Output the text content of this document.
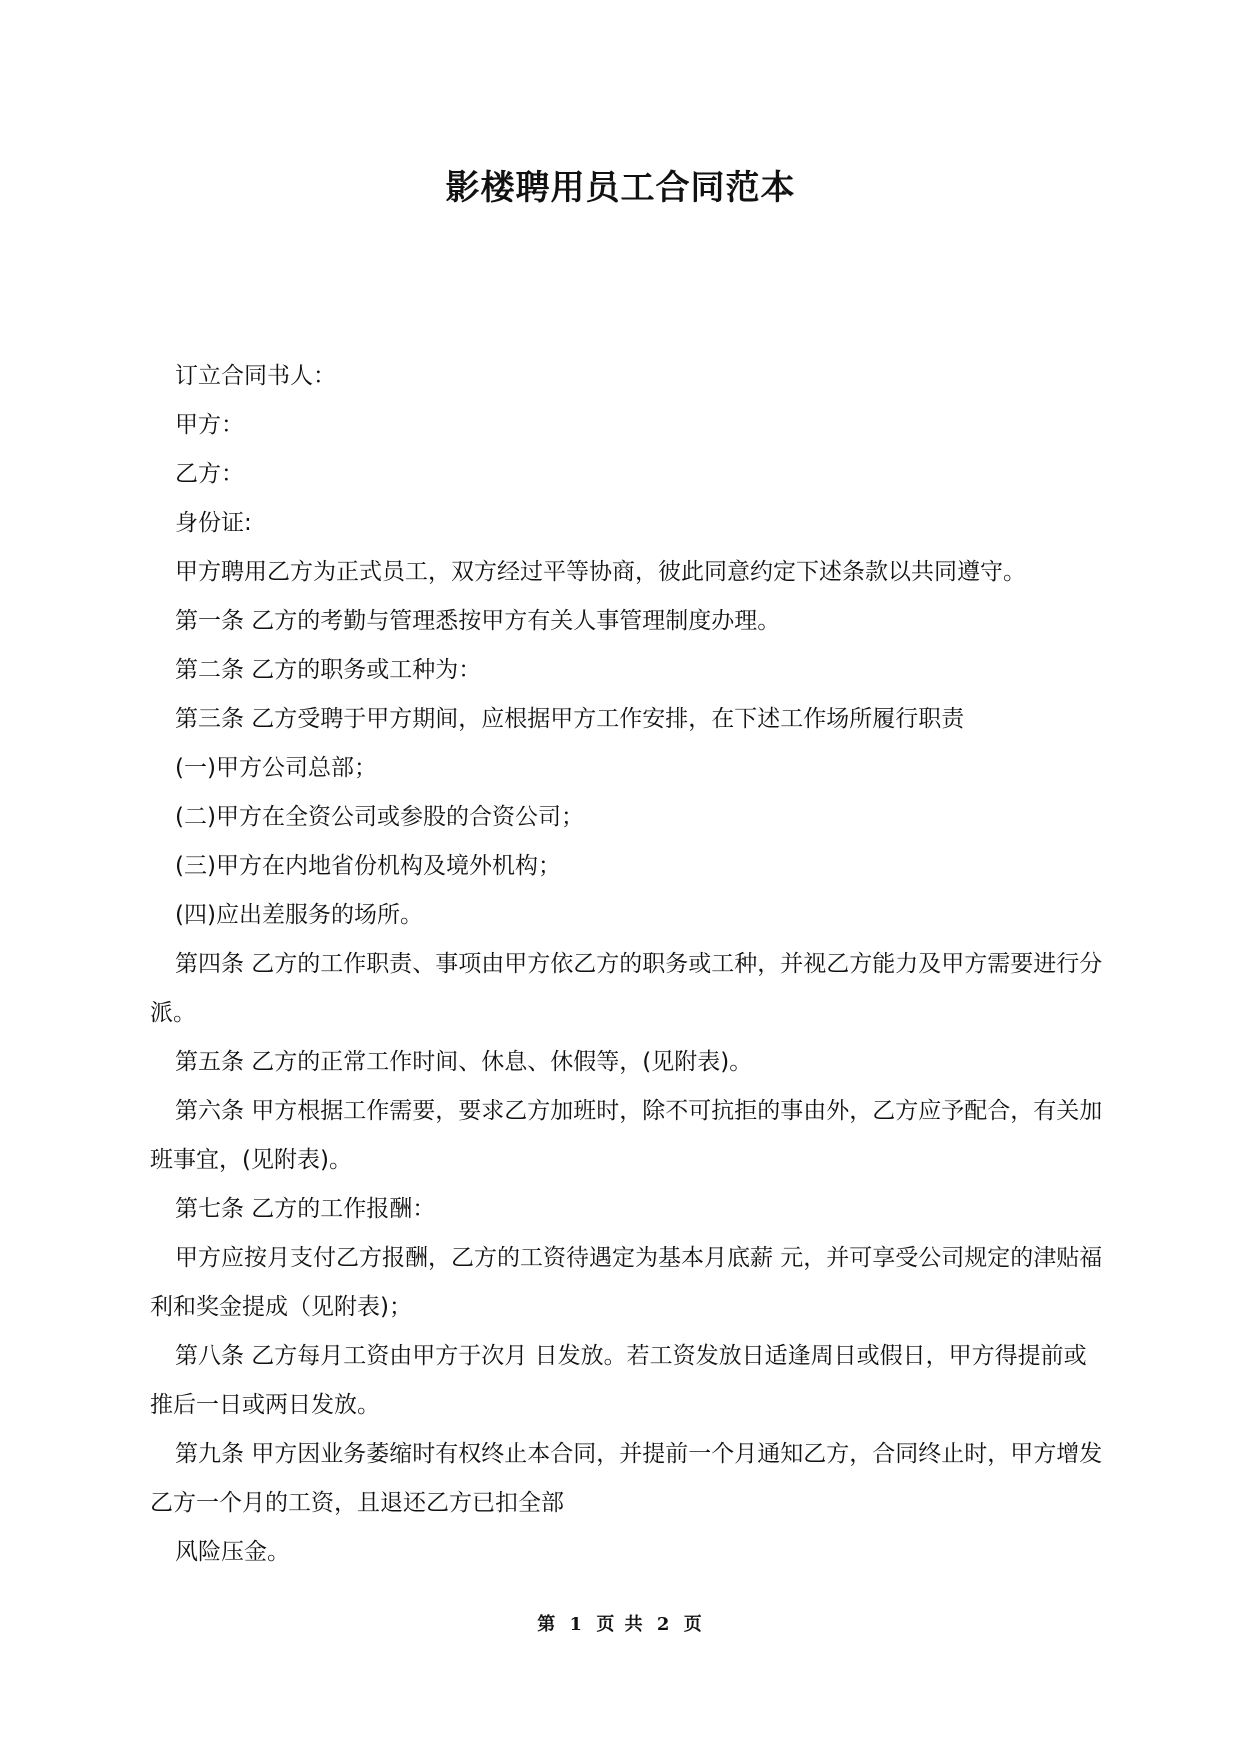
影楼聘用员工合同范本

订立合同书人：

甲方：

乙方：

身份证:

甲方聘用乙方为正式员工，双方经过平等协商，彼此同意约定下述条款以共同遵守。

第一条 乙方的考勤与管理悉按甲方有关人事管理制度办理。

第二条 乙方的职务或工种为：

第三条 乙方受聘于甲方期间，应根据甲方工作安排，在下述工作场所履行职责

(一)甲方公司总部；

(二)甲方在全资公司或参股的合资公司；

(三)甲方在内地省份机构及境外机构；

(四)应出差服务的场所。

第四条 乙方的工作职责、事项由甲方依乙方的职务或工种，并视乙方能力及甲方需要进行分派。

第五条 乙方的正常工作时间、休息、休假等，(见附表)。

第六条 甲方根据工作需要，要求乙方加班时，除不可抗拒的事由外，乙方应予配合，有关加班事宜，(见附表)。

第七条 乙方的工作报酬：

甲方应按月支付乙方报酬，乙方的工资待遇定为基本月底薪 元，并可享受公司规定的津贴福利和奖金提成（见附表)；

第八条 乙方每月工资由甲方于次月 日发放。若工资发放日适逢周日或假日，甲方得提前或推后一日或两日发放。

第九条 甲方因业务萎缩时有权终止本合同，并提前一个月通知乙方，合同终止时，甲方增发乙方一个月的工资，且退还乙方已扣全部

风险压金。

第 1 页 共 2 页
